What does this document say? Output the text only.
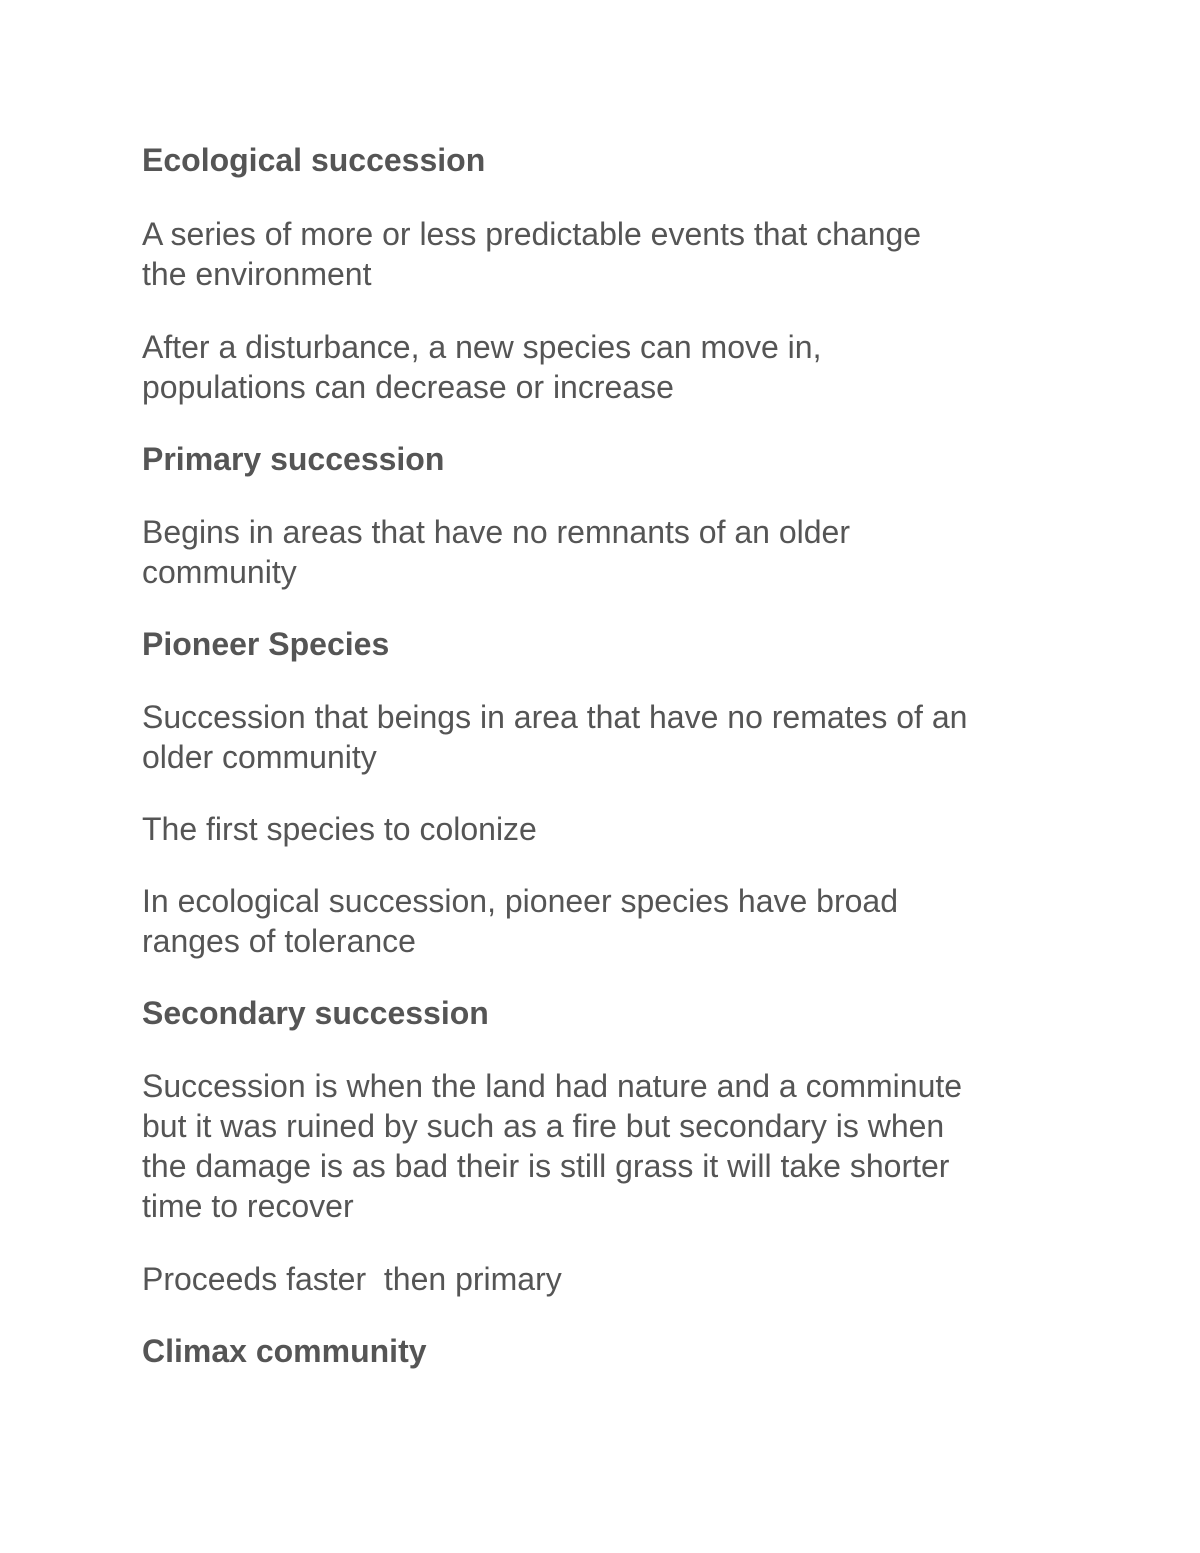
Ecological succession

A series of more or less predictable events that change
the environment

After a disturbance, a new species can move in,
populations can decrease or increase

Primary succession

Begins in areas that have no remnants of an older
community

Pioneer Species

Succession that beings in area that have no remates of an
older community

The first species to colonize

In ecological succession, pioneer species have broad
ranges of tolerance

Secondary succession

Succession is when the land had nature and a comminute
but it was ruined by such as a fire but secondary is when
the damage is as bad their is still grass it will take shorter
time to recover

Proceeds faster  then primary

Climax community
